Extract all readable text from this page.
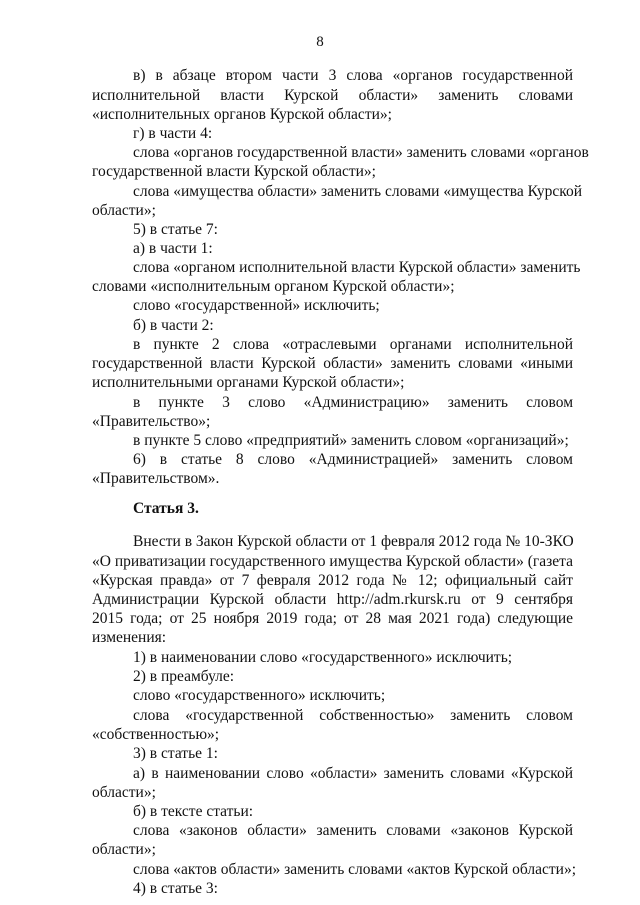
8
в) в абзаце втором части 3 слова «органов государственной
исполнительной власти Курской области» заменить словами
«исполнительных органов Курской области»;
г) в части 4:
слова «органов государственной власти» заменить словами «органов
государственной власти Курской области»;
слова «имущества области» заменить словами «имущества Курской
области»;
5) в статье 7:
а) в части 1:
слова «органом исполнительной власти Курской области» заменить
словами «исполнительным органом Курской области»;
слово «государственной» исключить;
б) в части 2:
в пункте 2 слова «отраслевыми органами исполнительной
государственной власти Курской области» заменить словами «иными
исполнительными органами Курской области»;
в пункте 3 слово «Администрацию» заменить словом
«Правительство»;
в пункте 5 слово «предприятий» заменить словом «организаций»;
6) в статье 8 слово «Администрацией» заменить словом
«Правительством».
Статья 3.
Внести в Закон Курской области от 1 февраля 2012 года № 10-ЗКО
«О приватизации государственного имущества Курской области» (газета
«Курская правда» от 7 февраля 2012 года № 12; официальный сайт
Администрации Курской области http://adm.rkursk.ru от 9 сентября
2015 года; от 25 ноября 2019 года; от 28 мая 2021 года) следующие
изменения:
1) в наименовании слово «государственного» исключить;
2) в преамбуле:
слово «государственного» исключить;
слова «государственной собственностью» заменить словом
«собственностью»;
3) в статье 1:
а) в наименовании слово «области» заменить словами «Курской
области»;
б) в тексте статьи:
слова «законов области» заменить словами «законов Курской
области»;
слова «актов области» заменить словами «актов Курской области»;
4) в статье 3:
